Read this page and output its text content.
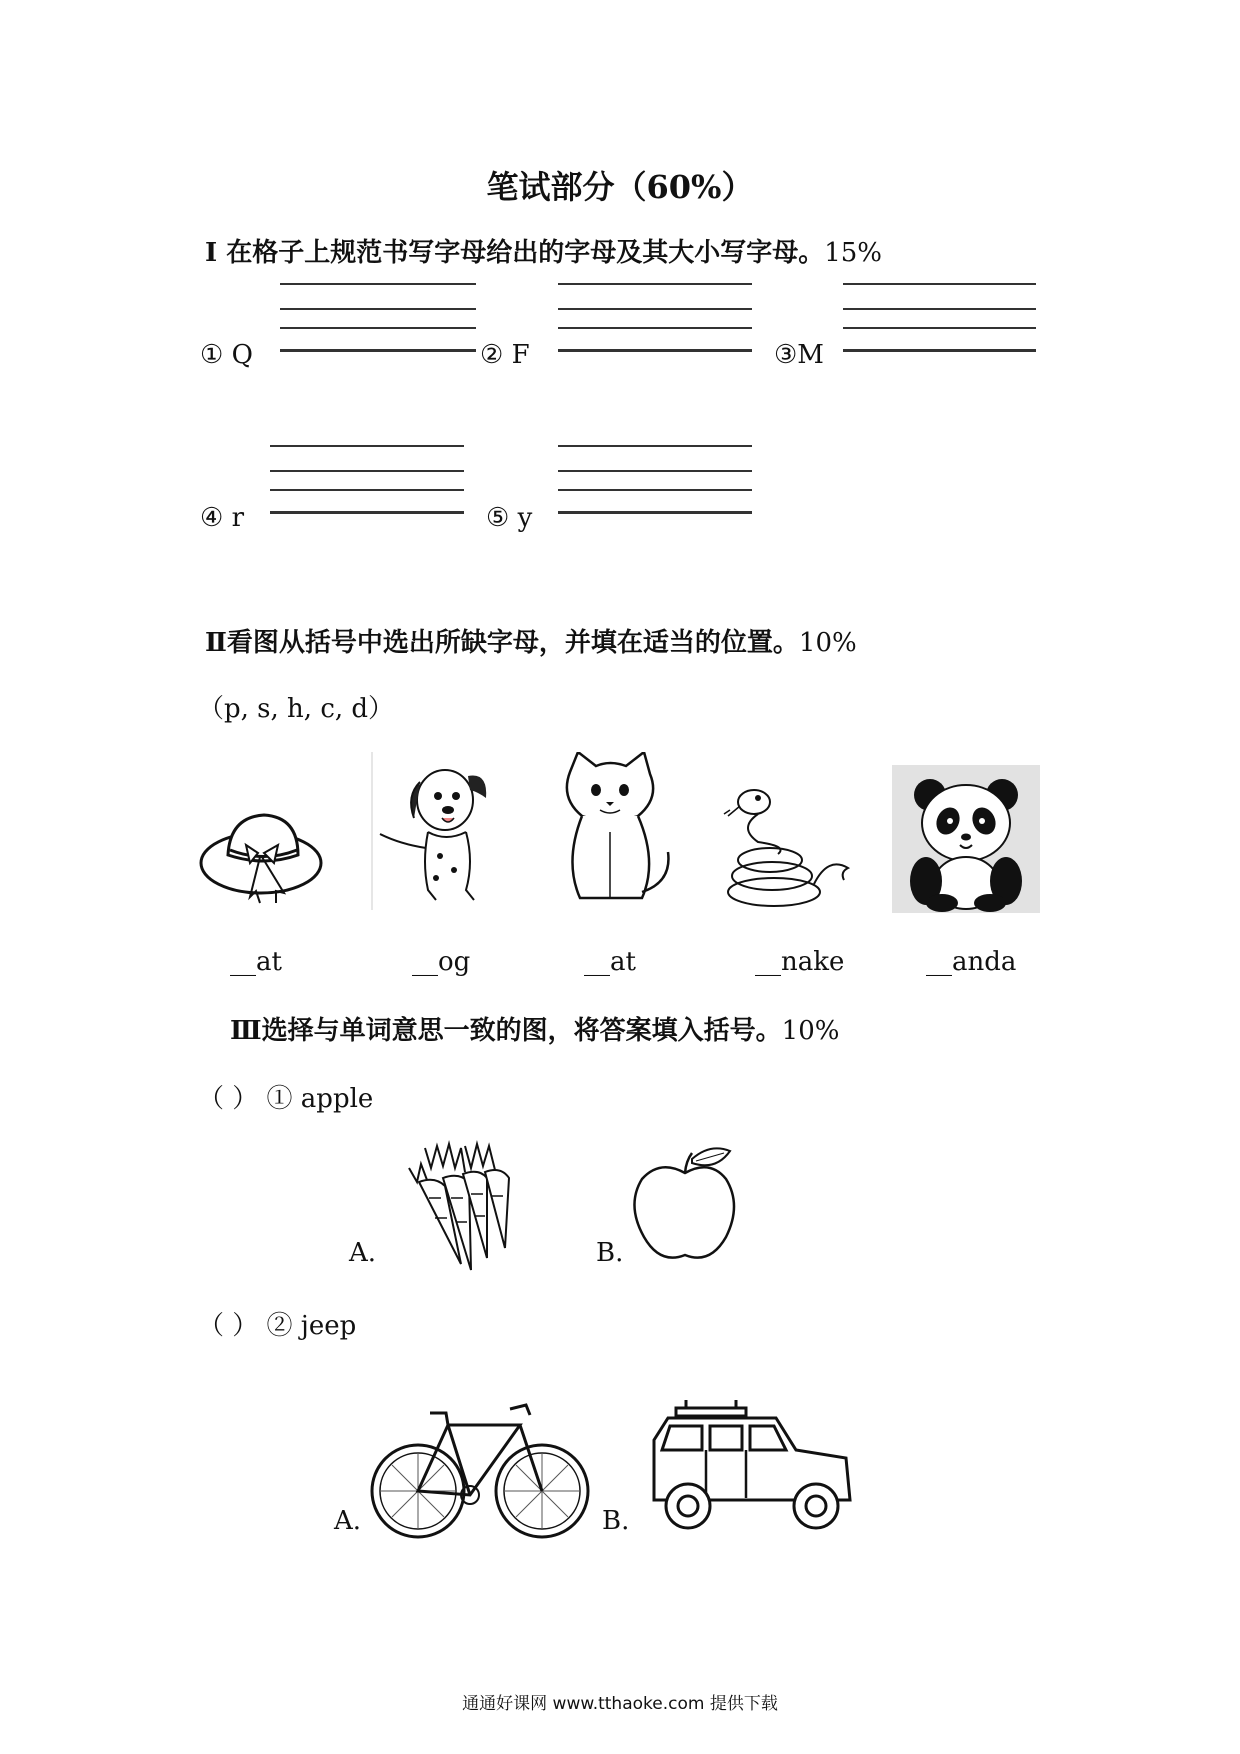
笔试部分（60%）
Ⅰ 在格子上规范书写字母给出的字母及其大小写字母。15%
① Q	② F	③M
④ r	⑤ y
Ⅱ看图从括号中选出所缺字母，并填在适当的位置。10%
（p, s, h, c, d）
__at	__og	__at	__nake	__anda
Ⅲ选择与单词意思一致的图，将答案填入括号。10%
（ ） ① apple
A.	B.
（ ） ② jeep
A.	B.
通通好课网 www.tthaoke.com 提供下载
